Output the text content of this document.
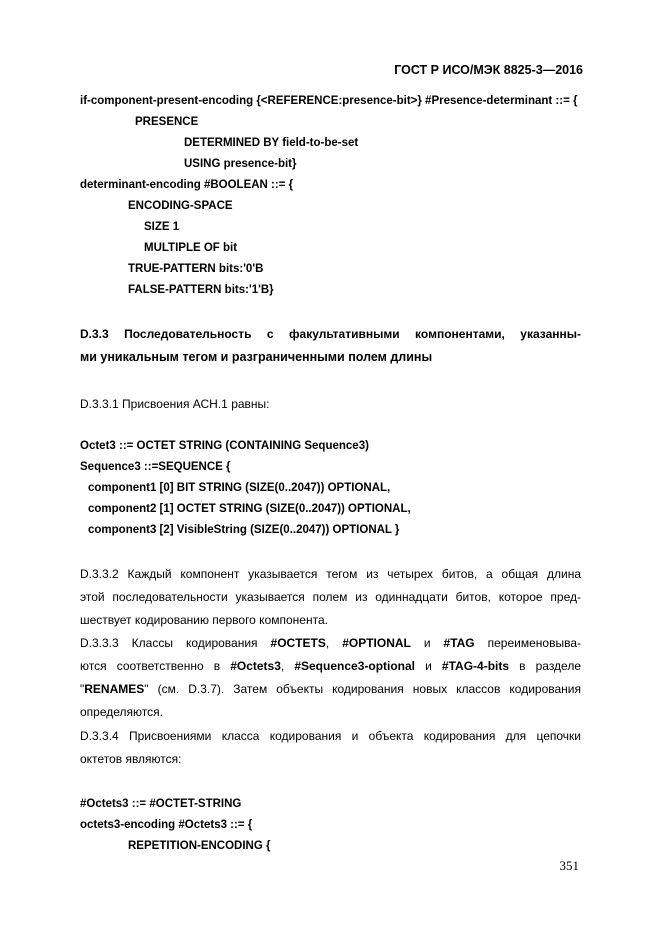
ГОСТ Р ИСО/МЭК 8825-3—2016
if-component-present-encoding {<REFERENCE:presence-bit>} #Presence-determinant ::= {
PRESENCE
DETERMINED BY field-to-be-set
USING presence-bit}
determinant-encoding #BOOLEAN ::= {
ENCODING-SPACE
SIZE 1
MULTIPLE OF bit
TRUE-PATTERN bits:'0'B
FALSE-PATTERN bits:'1'B}
D.3.3 Последовательность с факультативными компонентами, указанны-
ми уникальным тегом и разграниченными полем длины
D.3.3.1 Присвоения АСН.1 равны:
Octet3 ::= OCTET STRING (CONTAINING Sequence3)
Sequence3 ::=SEQUENCE {
component1 [0] BIT STRING (SIZE(0..2047)) OPTIONAL,
component2 [1] OCTET STRING (SIZE(0..2047)) OPTIONAL,
component3 [2] VisibleString (SIZE(0..2047)) OPTIONAL }
D.3.3.2 Каждый компонент указывается тегом из четырех битов, а общая длина
этой последовательности указывается полем из одиннадцати битов, которое пред-
шествует кодированию первого компонента.
D.3.3.3 Классы кодирования #OCTETS, #OPTIONAL и #TAG переименовыва-
ются соответственно в #Octets3, #Sequence3-optional и #TAG-4-bits в разделе
"RENAMES" (см. D.3.7). Затем объекты кодирования новых классов кодирования
определяются.
D.3.3.4 Присвоениями класса кодирования и объекта кодирования для цепочки
октетов являются:
#Octets3 ::= #OCTET-STRING
octets3-encoding #Octets3 ::= {
REPETITION-ENCODING {
351
